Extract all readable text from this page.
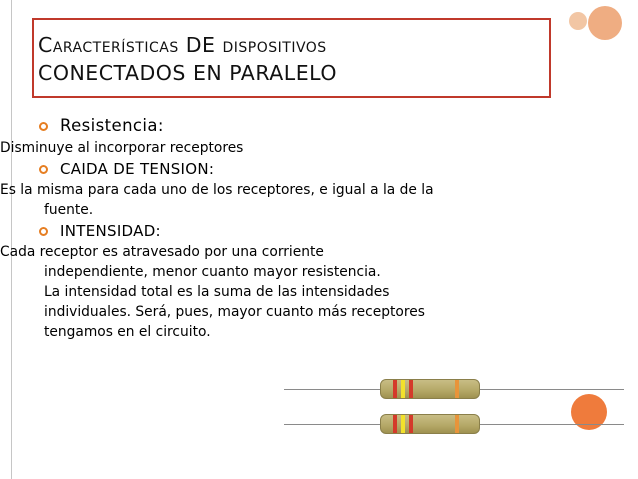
Características DE dispositivos
CONECTADOS EN PARALELO
Resistencia:
Disminuye al incorporar receptores
CAIDA DE TENSION:
Es la misma para cada uno de los receptores, e igual a la de la
fuente.
INTENSIDAD:
Cada receptor es atravesado por una corriente
independiente, menor cuanto mayor resistencia.
La intensidad total es la suma de las intensidades
individuales. Será, pues, mayor cuanto más receptores
tengamos en el circuito.
